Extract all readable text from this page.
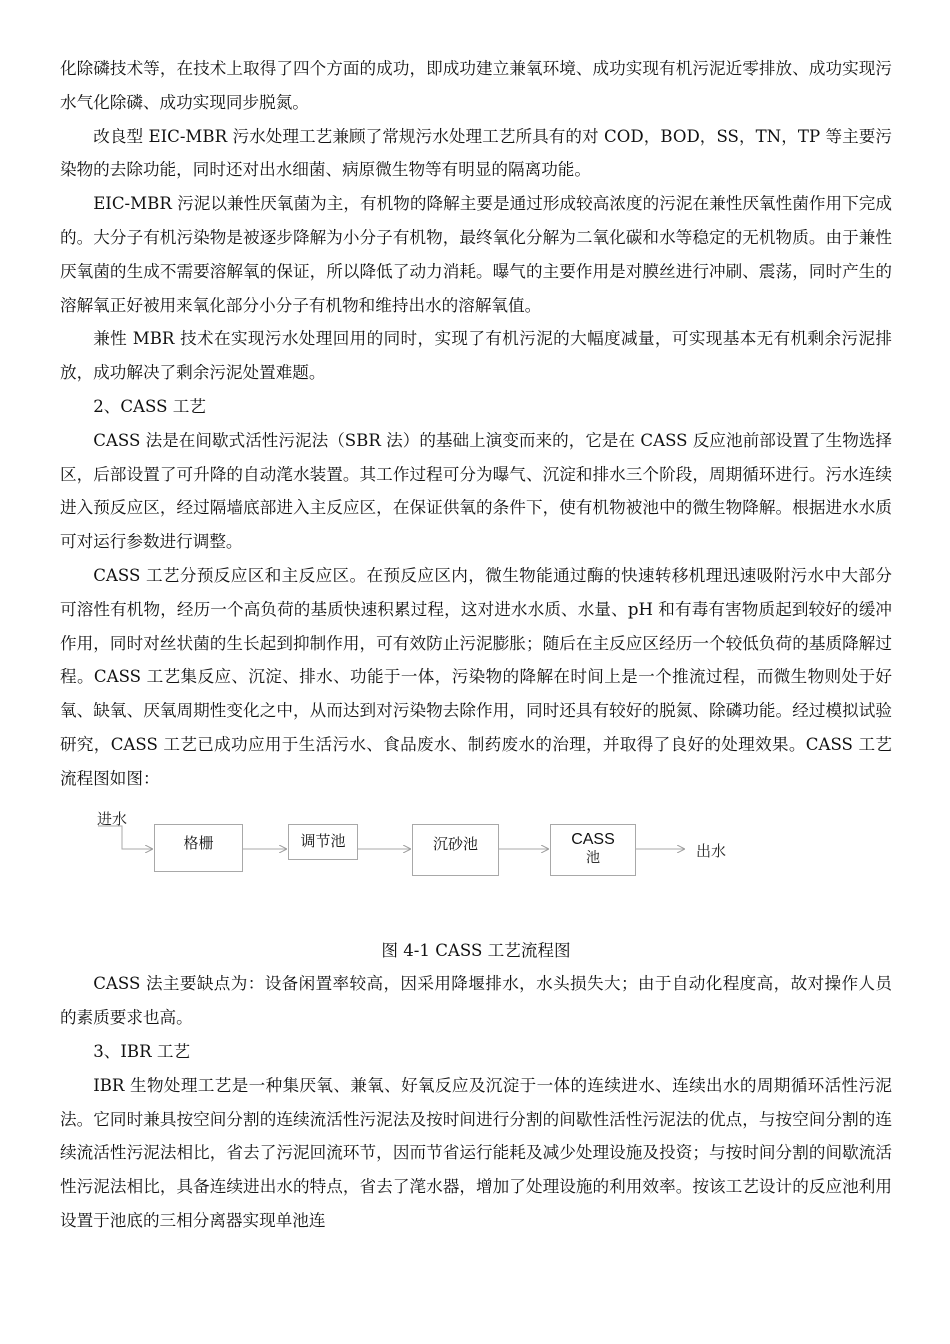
化除磷技术等，在技术上取得了四个方面的成功，即成功建立兼氧环境、成功实现有机污泥近零排放、成功实现污水气化除磷、成功实现同步脱氮。

改良型 EIC-MBR 污水处理工艺兼顾了常规污水处理工艺所具有的对 COD，BOD，SS，TN，TP 等主要污染物的去除功能，同时还对出水细菌、病原微生物等有明显的隔离功能。

EIC-MBR 污泥以兼性厌氧菌为主，有机物的降解主要是通过形成较高浓度的污泥在兼性厌氧性菌作用下完成的。大分子有机污染物是被逐步降解为小分子有机物，最终氧化分解为二氧化碳和水等稳定的无机物质。由于兼性厌氧菌的生成不需要溶解氧的保证，所以降低了动力消耗。曝气的主要作用是对膜丝进行冲刷、震荡，同时产生的溶解氧正好被用来氧化部分小分子有机物和维持出水的溶解氧值。

兼性 MBR 技术在实现污水处理回用的同时，实现了有机污泥的大幅度减量，可实现基本无有机剩余污泥排放，成功解决了剩余污泥处置难题。

2、CASS 工艺

CASS 法是在间歇式活性污泥法（SBR 法）的基础上演变而来的，它是在 CASS 反应池前部设置了生物选择区，后部设置了可升降的自动滗水装置。其工作过程可分为曝气、沉淀和排水三个阶段，周期循环进行。污水连续进入预反应区，经过隔墙底部进入主反应区，在保证供氧的条件下，使有机物被池中的微生物降解。根据进水水质可对运行参数进行调整。

CASS 工艺分预反应区和主反应区。在预反应区内，微生物能通过酶的快速转移机理迅速吸附污水中大部分可溶性有机物，经历一个高负荷的基质快速积累过程，这对进水水质、水量、pH 和有毒有害物质起到较好的缓冲作用，同时对丝状菌的生长起到抑制作用，可有效防止污泥膨胀；随后在主反应区经历一个较低负荷的基质降解过程。CASS 工艺集反应、沉淀、排水、功能于一体，污染物的降解在时间上是一个推流过程，而微生物则处于好氧、缺氧、厌氧周期性变化之中，从而达到对污染物去除作用，同时还具有较好的脱氮、除磷功能。经过模拟试验研究，CASS 工艺已成功应用于生活污水、食品废水、制药废水的治理，并取得了良好的处理效果。CASS 工艺流程图如图：

进水
格栅	调节池	沉砂池	CASS
池	出水

图 4-1 CASS 工艺流程图

CASS 法主要缺点为：设备闲置率较高，因采用降堰排水，水头损失大；由于自动化程度高，故对操作人员的素质要求也高。

3、IBR 工艺

IBR 生物处理工艺是一种集厌氧、兼氧、好氧反应及沉淀于一体的连续进水、连续出水的周期循环活性污泥法。它同时兼具按空间分割的连续流活性污泥法及按时间进行分割的间歇性活性污泥法的优点，与按空间分割的连续流活性污泥法相比，省去了污泥回流环节，因而节省运行能耗及减少处理设施及投资；与按时间分割的间歇流活性污泥法相比，具备连续进出水的特点，省去了滗水器，增加了处理设施的利用效率。按该工艺设计的反应池利用设置于池底的三相分离器实现单池连
